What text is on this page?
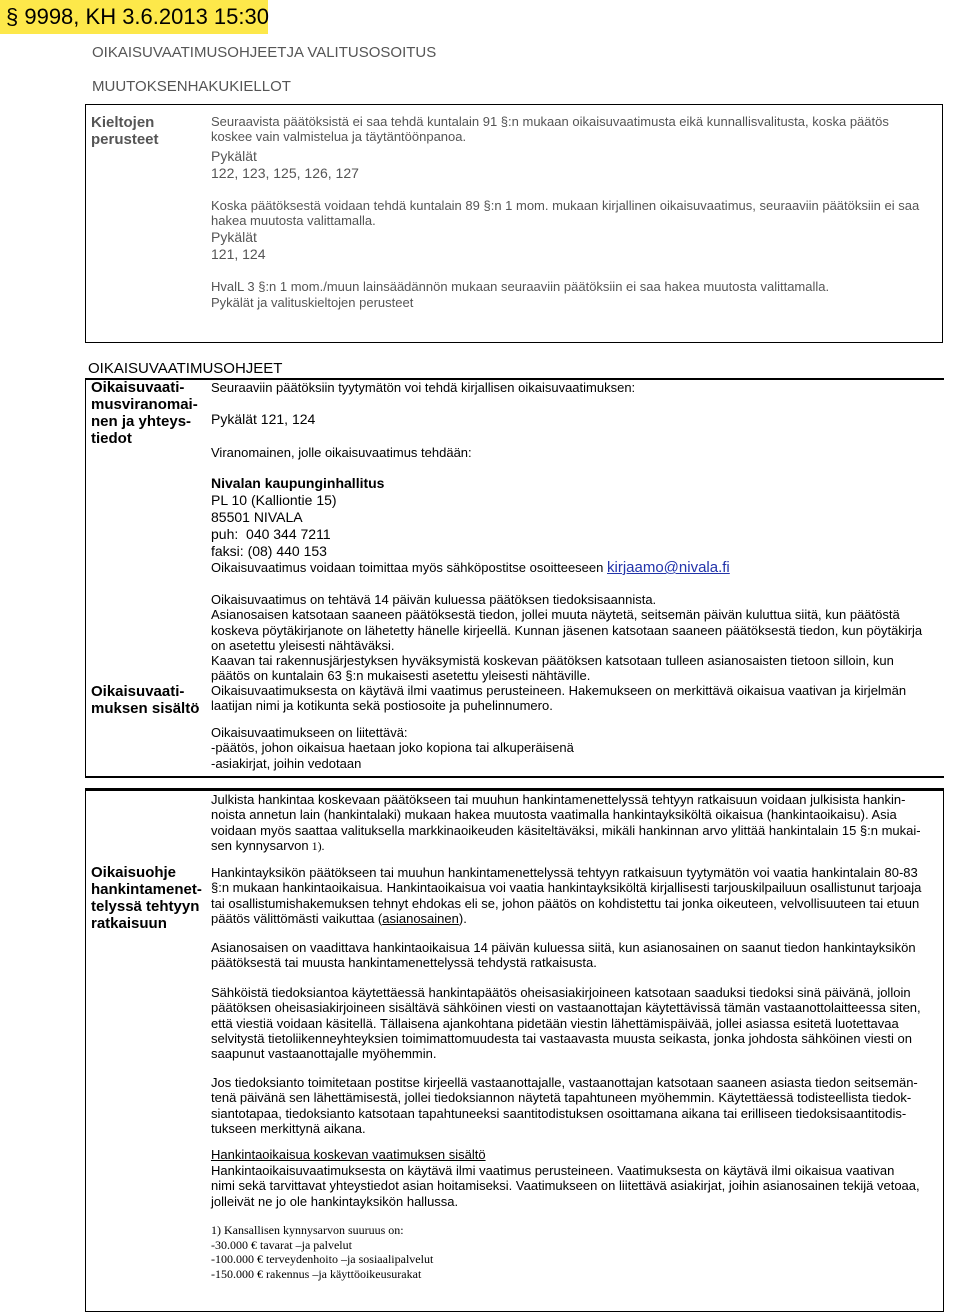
§ 9998, KH 3.6.2013 15:30
OIKAISUVAATIMUSOHJEETJA VALITUSOSOITUS
MUUTOKSENHAKUKIELLOT
Kieltojen
perusteet
Seuraavista päätöksistä ei saa tehdä kuntalain 91 §:n mukaan oikaisuvaatimusta eikä kunnallisvalitusta, koska päätös koskee vain valmistelua ja täytäntöönpanoa.
Pykälät
122, 123, 125, 126, 127
Koska päätöksestä voidaan tehdä kuntalain 89 §:n 1 mom. mukaan kirjallinen oikaisuvaatimus, seuraaviin päätöksiin ei saa hakea muutosta valittamalla.
Pykälät
121, 124
HvalL 3 §:n 1 mom./muun lainsäädännön mukaan seuraaviin päätöksiin ei saa hakea muutosta valittamalla.
Pykälät ja valituskieltojen perusteet
OIKAISUVAATIMUSOHJEET
Oikaisuvaati-
musviranomai-
nen ja yhteys-
tiedot
Seuraaviin päätöksiin tyytymätön voi tehdä kirjallisen oikaisuvaatimuksen:
Pykälät 121, 124
Viranomainen, jolle oikaisuvaatimus tehdään:
Nivalan kaupunginhallitus
PL 10 (Kalliontie 15)
85501 NIVALA
puh:  040 344 7211
faksi: (08) 440 153
Oikaisuvaatimus voidaan toimittaa myös sähköpostitse osoitteeseen kirjaamo@nivala.fi
Oikaisuvaatimus on tehtävä 14 päivän kuluessa päätöksen tiedoksisaannista.
Asianosaisen katsotaan saaneen päätöksestä tiedon, jollei muuta näytetä, seitsemän päivän kuluttua siitä, kun päätöstä
koskeva pöytäkirjanote on lähetetty hänelle kirjeellä. Kunnan jäsenen katsotaan saaneen päätöksestä tiedon, kun pöytäkirja
on asetettu yleisesti nähtäväksi.
Kaavan tai rakennusjärjestyksen hyväksymistä koskevan päätöksen katsotaan tulleen asianosaisten tietoon silloin, kun
päätös on kuntalain 63 §:n mukaisesti asetettu yleisesti nähtäville.
Oikaisuvaati-
muksen sisältö
Oikaisuvaatimuksesta on käytävä ilmi vaatimus perusteineen. Hakemukseen on merkittävä oikaisua vaativan ja kirjelmän
laatijan nimi ja kotikunta sekä postiosoite ja puhelinnumero.
Oikaisuvaatimukseen on liitettävä:
-päätös, johon oikaisua haetaan joko kopiona tai alkuperäisenä
-asiakirjat, joihin vedotaan
Oikaisuohje
hankintamenet-
telyssä tehtyyn
ratkaisuun
Julkista hankintaa koskevaan päätökseen tai muuhun hankintamenettelyssä tehtyyn ratkaisuun voidaan julkisista hankin-
noista annetun lain (hankintalaki) mukaan hakea muutosta vaatimalla hankintayksiköltä oikaisua (hankintaoikaisu). Asia
voidaan myös saattaa valituksella markkinaoikeuden käsiteltäväksi, mikäli hankinnan arvo ylittää hankintalain 15 §:n mukai-
sen kynnysarvon 1).
Hankintayksikön päätökseen tai muuhun hankintamenettelyssä tehtyyn ratkaisuun tyytymätön voi vaatia hankintalain 80-83
§:n mukaan hankintaoikaisua. Hankintaoikaisua voi vaatia hankintayksiköltä kirjallisesti tarjouskilpailuun osallistunut tarjoaja
tai osallistumishakemuksen tehnyt ehdokas eli se, johon päätös on kohdistettu tai jonka oikeuteen, velvollisuuteen tai etuun
päätös välittömästi vaikuttaa (asianosainen).
Asianosaisen on vaadittava hankintaoikaisua 14 päivän kuluessa siitä, kun asianosainen on saanut tiedon hankintayksikön
päätöksestä tai muusta hankintamenettelyssä tehdystä ratkaisusta.
Sähköistä tiedoksiantoa käytettäessä hankintapäätös oheisasiakirjoineen katsotaan saaduksi tiedoksi sinä päivänä, jolloin
päätöksen oheisasiakirjoineen sisältävä sähköinen viesti on vastaanottajan käytettävissä tämän vastaanottolaitteessa siten,
että viestiä voidaan käsitellä. Tällaisena ajankohtana pidetään viestin lähettämispäivää, jollei asiassa esitetä luotettavaa
selvitystä tietoliikenneyhteyksien toimimattomuudesta tai vastaavasta muusta seikasta, jonka johdosta sähköinen viesti on
saapunut vastaanottajalle myöhemmin.
Jos tiedoksianto toimitetaan postitse kirjeellä vastaanottajalle, vastaanottajan katsotaan saaneen asiasta tiedon seitsemän-
tenä päivänä sen lähettämisestä, jollei tiedoksiannon näytetä tapahtuneen myöhemmin. Käytettäessä todisteellista tiedok-
siantotapaa, tiedoksianto katsotaan tapahtuneeksi saantitodistuksen osoittamana aikana tai erilliseen tiedoksisaantitodis-
tukseen merkittynä aikana.
Hankintaoikaisua koskevan vaatimuksen sisältö
Hankintaoikaisuvaatimuksesta on käytävä ilmi vaatimus perusteineen. Vaatimuksesta on käytävä ilmi oikaisua vaativan
nimi sekä tarvittavat yhteystiedot asian hoitamiseksi. Vaatimukseen on liitettävä asiakirjat, joihin asianosainen tekijä vetoaa,
jolleivät ne jo ole hankintayksikön hallussa.
1) Kansallisen kynnysarvon suuruus on:
-30.000 € tavarat –ja palvelut
-100.000 € terveydenhoito –ja sosiaalipalvelut
-150.000 € rakennus –ja käyttöoikeusurakat
